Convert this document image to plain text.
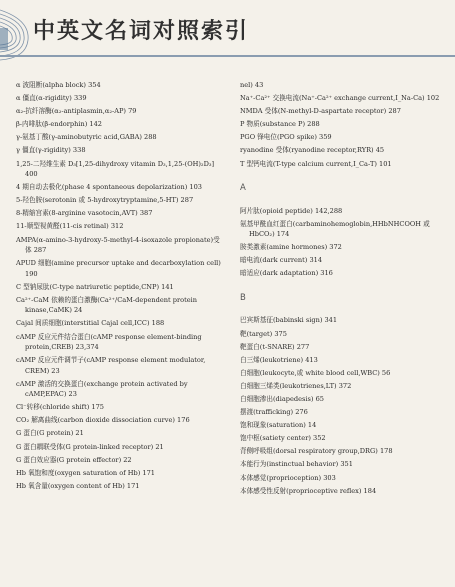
中英文名词对照索引
α 波阻断(alpha block) 354
α 僵直(α-rigidity) 339
α₂-抗纤溶酶(α₂-antiplasmin,α₂-AP) 79
β-内啡肽(β-endorphin) 142
γ-氨基丁酸(γ-aminobutyric acid,GABA) 288
γ 僵直(γ-rigidity) 338
1,25-二羟维生素 D₃[1,25-dihydroxy vitamin D₃,1,25-(OH)₂D₃] 400
4 期自动去极化(phase 4 spontaneous depolarization) 103
5-羟色胺(serotonin 或 5-hydroxytryptamine,5-HT) 287
8-精缩宫素(8-arginine vasotocin,AVT) 387
11-顺型视黄醛(11-cis retinal) 312
AMPA(α-amino-3-hydroxy-5-methyl-4-isoxazole propionate)受体 287
APUD 细胞(amine precursor uptake and decarboxylation cell) 190
C 型钠尿肽(C-type natriuretic peptide,CNP) 141
Ca²⁺-CaM 依赖的蛋白激酶(Ca²⁺/CaM-dependent protein kinase,CaMK) 24
Cajal 间质细胞(interstitial Cajal cell,ICC) 188
cAMP 反应元件结合蛋白(cAMP response element-binding protein,CREB) 23,374
cAMP 反应元件调节子(cAMP response element modulator, CREM) 23
cAMP 激活的交换蛋白(exchange protein activated by cAMP,EPAC) 23
Cl⁻转移(chloride shift) 175
CO₂ 解离曲线(carbon dioxide dissociation curve) 176
G 蛋白(G protein) 21
G 蛋白耦联受体(G protein-linked receptor) 21
G 蛋白效应器(G protein effector) 22
Hb 氧饱和度(oxygen saturation of Hb) 171
Hb 氧含量(oxygen content of Hb) 171
nel) 43
Na⁺-Ca²⁺ 交换电流(Na⁺-Ca²⁺ exchange current,I_Na-Ca) 102
NMDA 受体(N-methyl-D-aspartate receptor) 287
P 物质(substance P) 288
PGO 锋电位(PGO spike) 359
ryanodine 受体(ryanodine receptor,RYR) 45
T 型钙电流(T-type calcium current,I_Ca-T) 101
A
阿片肽(opioid peptide) 142,288
氨基甲酰血红蛋白(carbaminohemoglobin,HHbNHCOOH 或 HbCO₂) 174
胺类激素(amine hormones) 372
暗电流(dark current) 314
暗适应(dark adaptation) 316
B
巴宾斯基征(babinski sign) 341
靶(target) 375
靶蛋白(t-SNARE) 277
白三烯(leukotriene) 413
白细胞(leukocyte,或 white blood cell,WBC) 56
白细胞三烯类(leukotrienes,LT) 372
白细胞渗出(diapedesis) 65
摆渡(trafficking) 276
饱和现象(saturation) 14
饱中枢(satiety center) 352
背侧呼吸组(dorsal respiratory group,DRG) 178
本能行为(instinctual behavior) 351
本体感觉(proprioception) 303
本体感受性反射(proprioceptive reflex) 184
